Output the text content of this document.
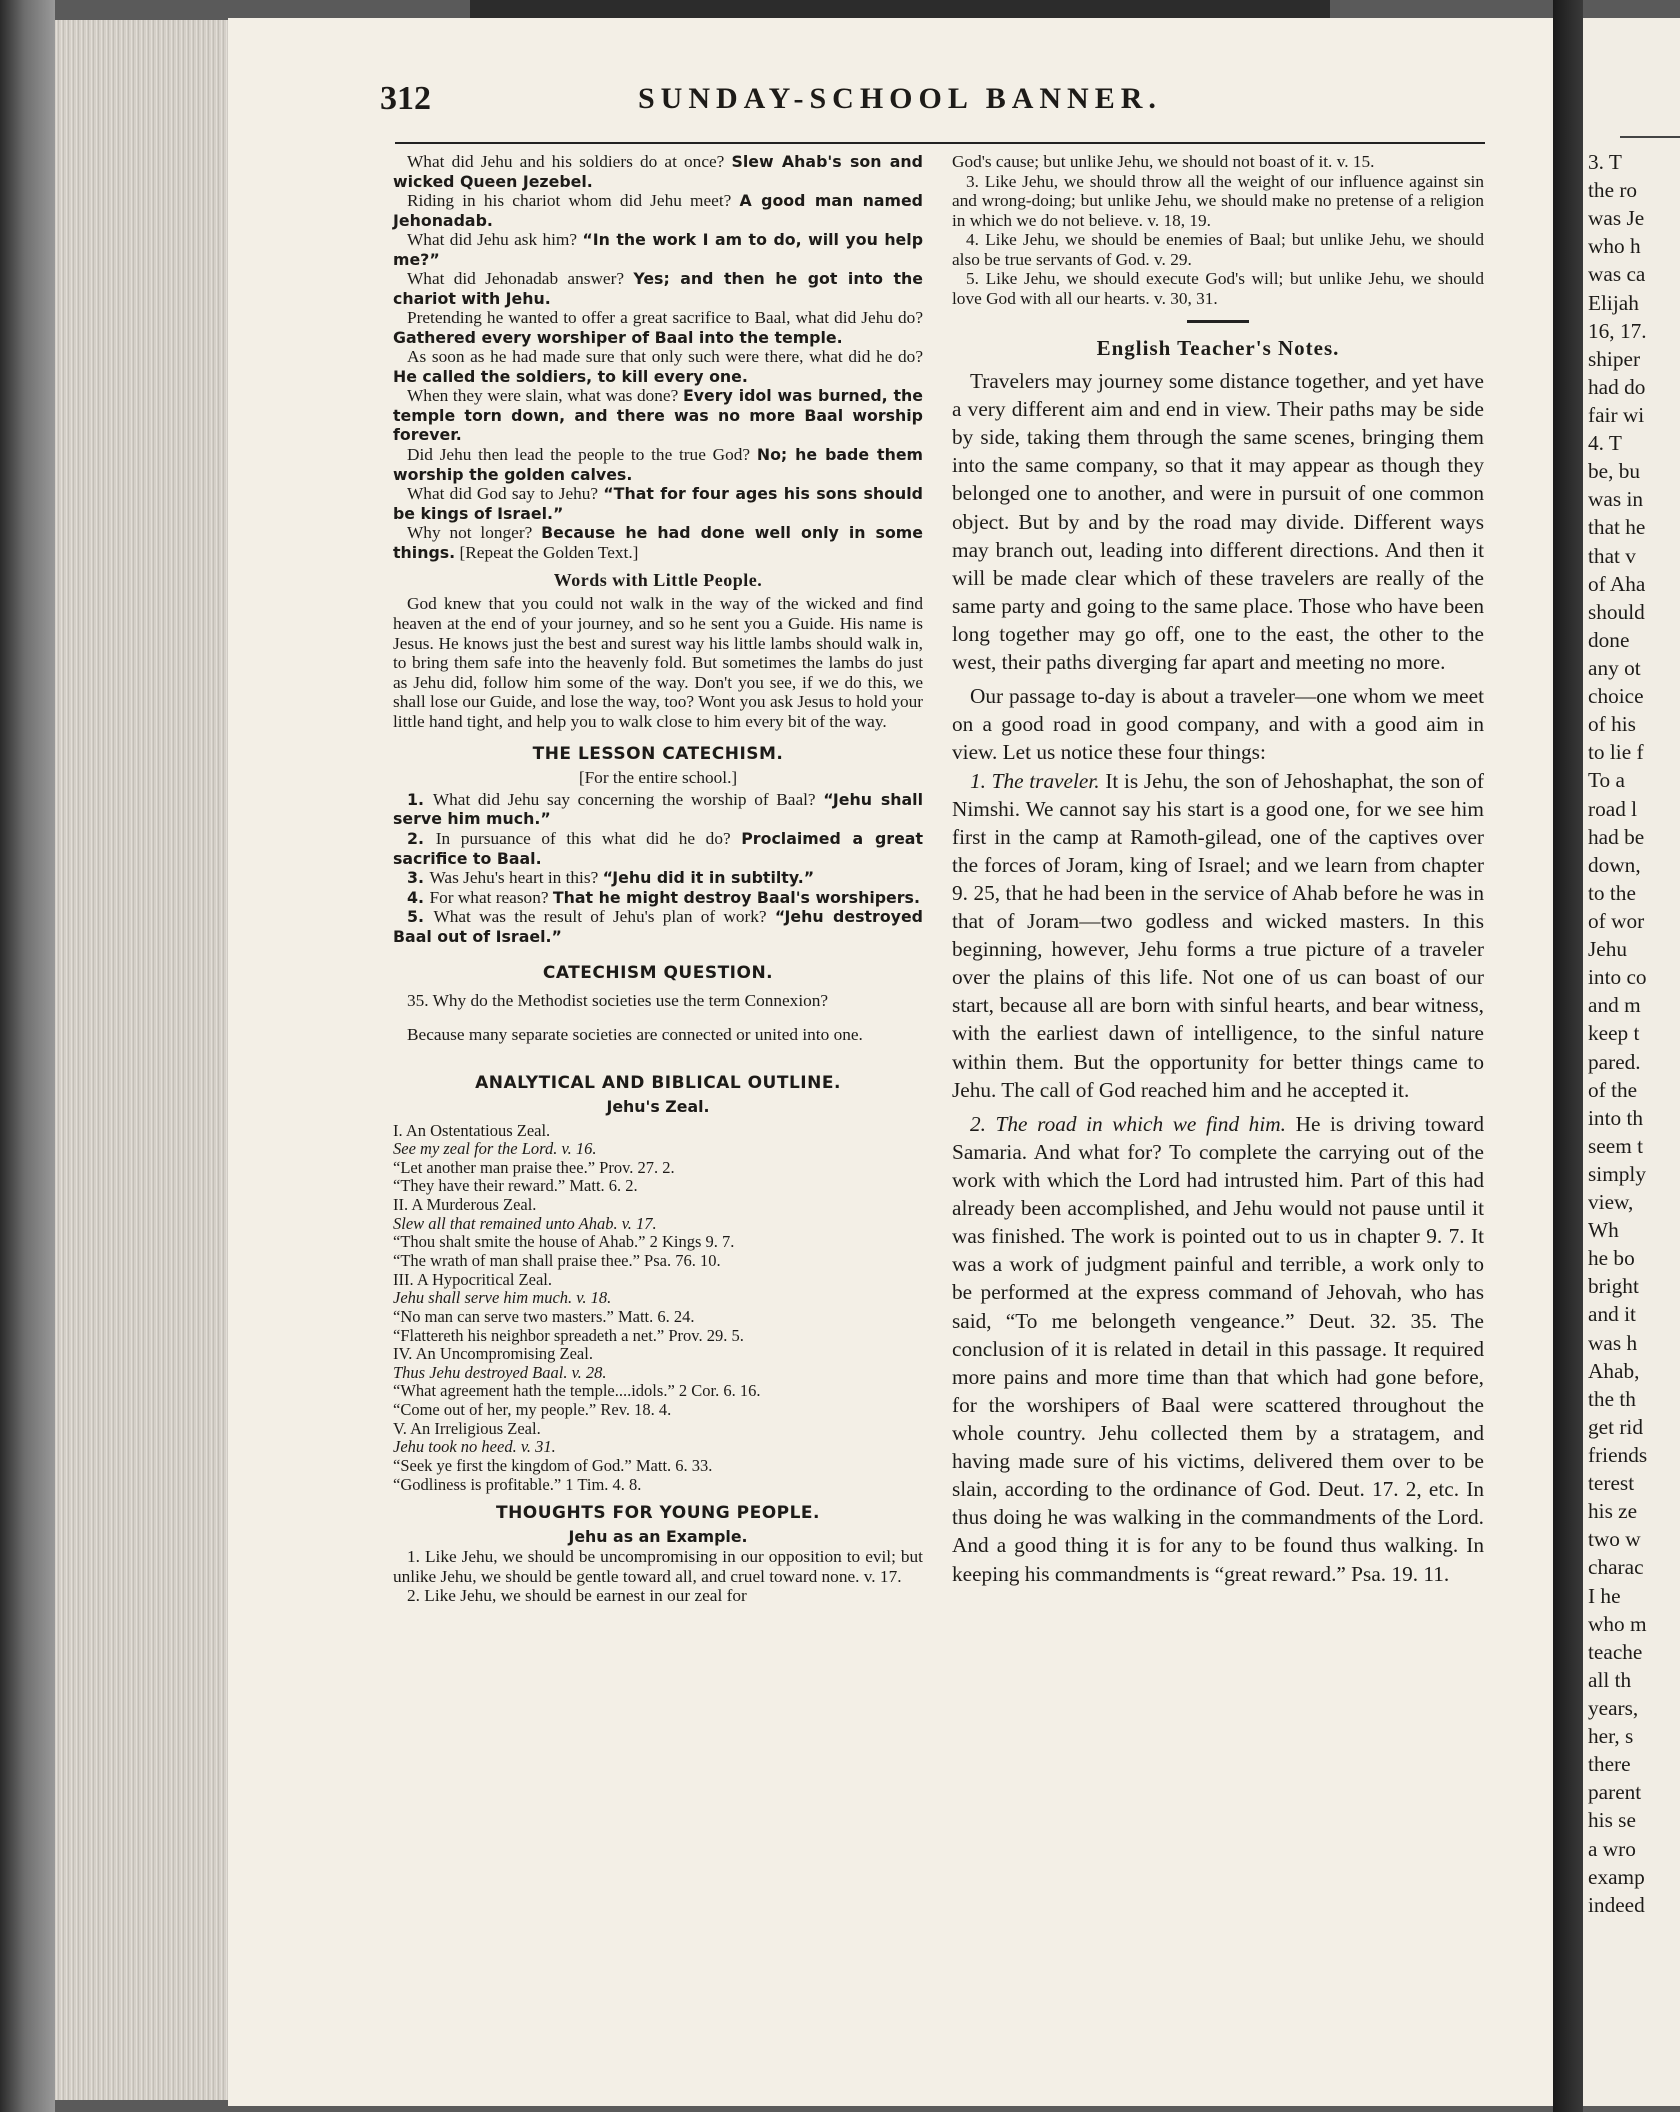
312	SUNDAY-SCHOOL BANNER.

What did Jehu and his soldiers do at once? Slew Ahab's son and wicked Queen Jezebel.

Riding in his chariot whom did Jehu meet? A good man named Jehonadab.

What did Jehu ask him? “In the work I am to do, will you help me?”

What did Jehonadab answer? Yes; and then he got into the chariot with Jehu.

Pretending he wanted to offer a great sacrifice to Baal, what did Jehu do? Gathered every worshiper of Baal into the temple.

As soon as he had made sure that only such were there, what did he do? He called the soldiers, to kill every one.

When they were slain, what was done? Every idol was burned, the temple torn down, and there was no more Baal worship forever.

Did Jehu then lead the people to the true God? No; he bade them worship the golden calves.

What did God say to Jehu? “That for four ages his sons should be kings of Israel.”

Why not longer? Because he had done well only in some things. [Repeat the Golden Text.]

Words with Little People.

God knew that you could not walk in the way of the wicked and find heaven at the end of your journey, and so he sent you a Guide. His name is Jesus. He knows just the best and surest way his little lambs should walk in, to bring them safe into the heavenly fold. But sometimes the lambs do just as Jehu did, follow him some of the way. Don't you see, if we do this, we shall lose our Guide, and lose the way, too? Wont you ask Jesus to hold your little hand tight, and help you to walk close to him every bit of the way.

THE LESSON CATECHISM.
[For the entire school.]

1. What did Jehu say concerning the worship of Baal? “Jehu shall serve him much.”

2. In pursuance of this what did he do? Proclaimed a great sacrifice to Baal.

3. Was Jehu's heart in this? “Jehu did it in subtilty.”

4. For what reason? That he might destroy Baal's worshipers.

5. What was the result of Jehu's plan of work? “Jehu destroyed Baal out of Israel.”

CATECHISM QUESTION.

35. Why do the Methodist societies use the term Connexion?

Because many separate societies are connected or united into one.

ANALYTICAL AND BIBLICAL OUTLINE.
Jehu's Zeal.

I. An Ostentatious Zeal.

See my zeal for the Lord. v. 16.

“Let another man praise thee.” Prov. 27. 2.

“They have their reward.” Matt. 6. 2.

II. A Murderous Zeal.

Slew all that remained unto Ahab. v. 17.

“Thou shalt smite the house of Ahab.” 2 Kings 9. 7.

“The wrath of man shall praise thee.” Psa. 76. 10.

III. A Hypocritical Zeal.

Jehu shall serve him much. v. 18.

“No man can serve two masters.” Matt. 6. 24.

“Flattereth his neighbor spreadeth a net.” Prov. 29. 5.

IV. An Uncompromising Zeal.

Thus Jehu destroyed Baal. v. 28.

“What agreement hath the temple....idols.” 2 Cor. 6. 16.

“Come out of her, my people.” Rev. 18. 4.

V. An Irreligious Zeal.

Jehu took no heed. v. 31.

“Seek ye first the kingdom of God.” Matt. 6. 33.

“Godliness is profitable.” 1 Tim. 4. 8.

THOUGHTS FOR YOUNG PEOPLE.
Jehu as an Example.

1. Like Jehu, we should be uncompromising in our opposition to evil; but unlike Jehu, we should be gentle toward all, and cruel toward none. v. 17.

2. Like Jehu, we should be earnest in our zeal for

God's cause; but unlike Jehu, we should not boast of it. v. 15.

3. Like Jehu, we should throw all the weight of our influence against sin and wrong-doing; but unlike Jehu, we should make no pretense of a religion in which we do not believe. v. 18, 19.

4. Like Jehu, we should be enemies of Baal; but unlike Jehu, we should also be true servants of God. v. 29.

5. Like Jehu, we should execute God's will; but unlike Jehu, we should love God with all our hearts. v. 30, 31.

English Teacher's Notes.

Travelers may journey some distance together, and yet have a very different aim and end in view. Their paths may be side by side, taking them through the same scenes, bringing them into the same company, so that it may appear as though they belonged one to another, and were in pursuit of one common object. But by and by the road may divide. Different ways may branch out, leading into different directions. And then it will be made clear which of these travelers are really of the same party and going to the same place. Those who have been long together may go off, one to the east, the other to the west, their paths diverging far apart and meeting no more.

Our passage to-day is about a traveler—one whom we meet on a good road in good company, and with a good aim in view. Let us notice these four things:

1. The traveler. It is Jehu, the son of Jehoshaphat, the son of Nimshi. We cannot say his start is a good one, for we see him first in the camp at Ramoth-gilead, one of the captives over the forces of Joram, king of Israel; and we learn from chapter 9. 25, that he had been in the service of Ahab before he was in that of Joram—two godless and wicked masters. In this beginning, however, Jehu forms a true picture of a traveler over the plains of this life. Not one of us can boast of our start, because all are born with sinful hearts, and bear witness, with the earliest dawn of intelligence, to the sinful nature within them. But the opportunity for better things came to Jehu. The call of God reached him and he accepted it.

2. The road in which we find him. He is driving toward Samaria. And what for? To complete the carrying out of the work with which the Lord had intrusted him. Part of this had already been accomplished, and Jehu would not pause until it was finished. The work is pointed out to us in chapter 9. 7. It was a work of judgment painful and terrible, a work only to be performed at the express command of Jehovah, who has said, “To me belongeth vengeance.” Deut. 32. 35. The conclusion of it is related in detail in this passage. It required more pains and more time than that which had gone before, for the worshipers of Baal were scattered throughout the whole country. Jehu collected them by a stratagem, and having made sure of his victims, delivered them over to be slain, according to the ordinance of God. Deut. 17. 2, etc. In thus doing he was walking in the commandments of the Lord. And a good thing it is for any to be found thus walking. In keeping his commandments is “great reward.” Psa. 19. 11.

3. T
the ro
was Je
who h
was ca
Elijah
16, 17.
shiper
had do
fair wi
4. T
be, bu
was in
that he
that v
of Aha
should
done
any ot
choice
of his
to lie f
To a
road l
had be
down,
to the
of wor
Jehu
into co
and m
keep t
pared.
of the
into th
seem t
simply
view,
Wh
he bo
bright
and it
was h
Ahab,
the th
get rid
friends
terest
his ze
two w
charac
I he
who m
teache
all th
years,
her, s
there
parent
his se
a wro
examp
indeed
